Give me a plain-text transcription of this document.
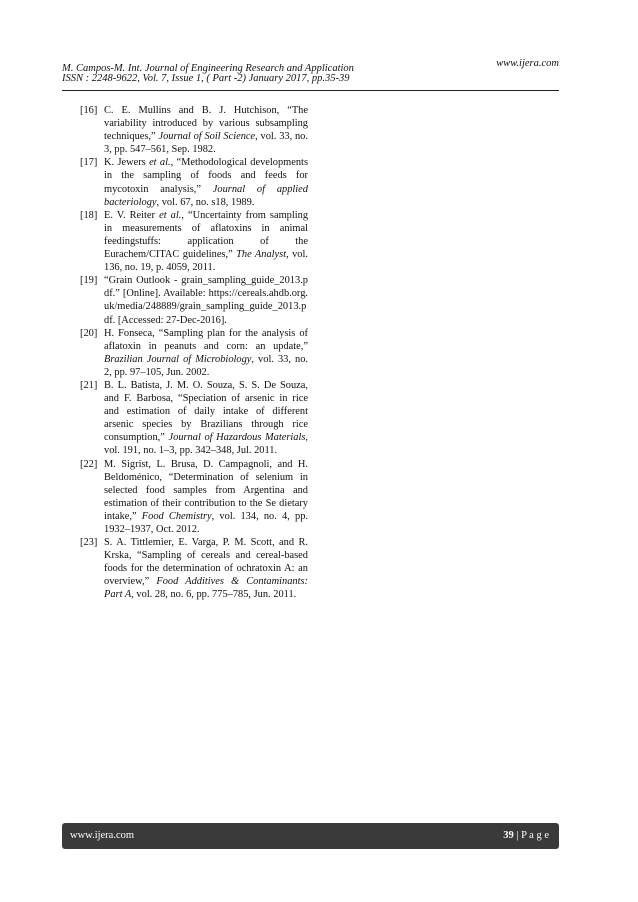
M. Campos-M. Int. Journal of Engineering Research and Application	www.ijera.com
ISSN : 2248-9622, Vol. 7, Issue 1, ( Part -2) January 2017, pp.35-39
[16] C. E. Mullins and B. J. Hutchison, “The variability introduced by various subsampling techniques,” Journal of Soil Science, vol. 33, no. 3, pp. 547–561, Sep. 1982.
[17] K. Jewers et al., “Methodological developments in the sampling of foods and feeds for mycotoxin analysis,” Journal of applied bacteriology, vol. 67, no. s18, 1989.
[18] E. V. Reiter et al., “Uncertainty from sampling in measurements of aflatoxins in animal feedingstuffs: application of the Eurachem/CITAC guidelines,” The Analyst, vol. 136, no. 19, p. 4059, 2011.
[19] “Grain Outlook - grain_sampling_guide_2013.pdf.” [Online]. Available: https://cereals.ahdb.org.uk/media/248889/grain_sampling_guide_2013.pdf. [Accessed: 27-Dec-2016].
[20] H. Fonseca, “Sampling plan for the analysis of aflatoxin in peanuts and corn: an update,” Brazilian Journal of Microbiology, vol. 33, no. 2, pp. 97–105, Jun. 2002.
[21] B. L. Batista, J. M. O. Souza, S. S. De Souza, and F. Barbosa, “Speciation of arsenic in rice and estimation of daily intake of different arsenic species by Brazilians through rice consumption,” Journal of Hazardous Materials, vol. 191, no. 1–3, pp. 342–348, Jul. 2011.
[22] M. Sigrist, L. Brusa, D. Campagnoli, and H. Beldoménico, “Determination of selenium in selected food samples from Argentina and estimation of their contribution to the Se dietary intake,” Food Chemistry, vol. 134, no. 4, pp. 1932–1937, Oct. 2012.
[23] S. A. Tittlemier, E. Varga, P. M. Scott, and R. Krska, “Sampling of cereals and cereal-based foods for the determination of ochratoxin A: an overview,” Food Additives & Contaminants: Part A, vol. 28, no. 6, pp. 775–785, Jun. 2011.
www.ijera.com	39 | P a g e
